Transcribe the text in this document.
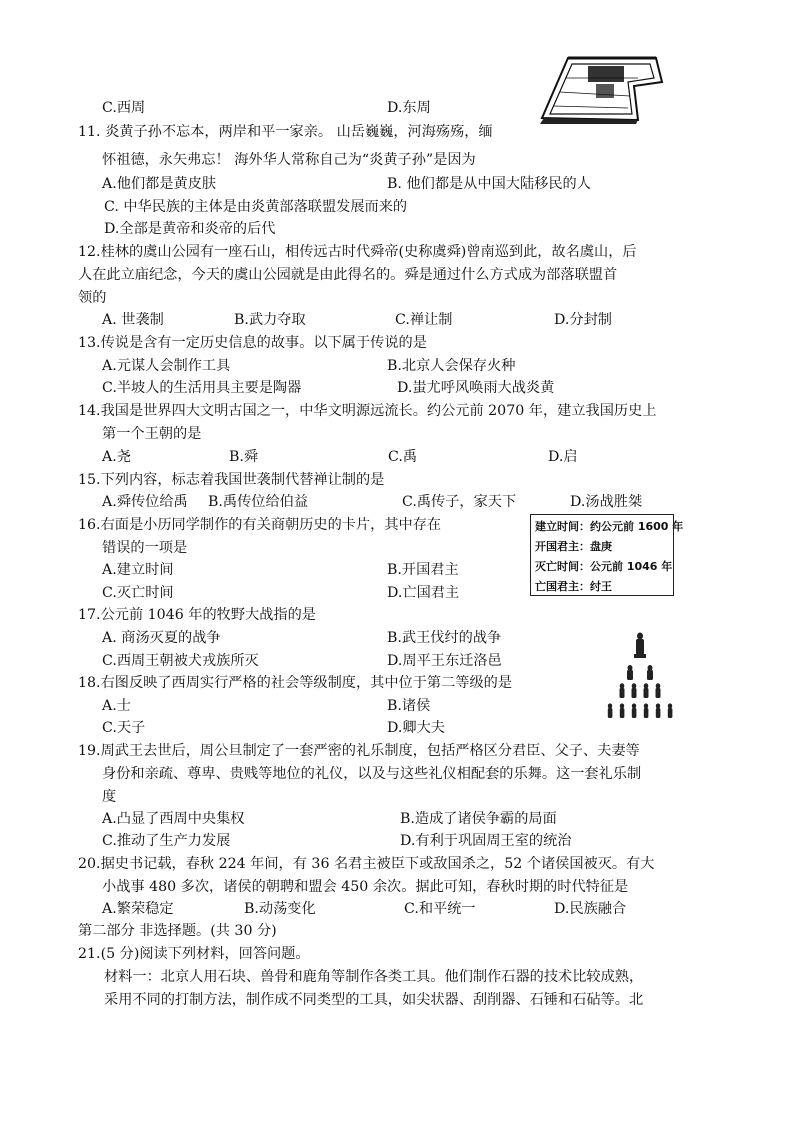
C.西周	D.东周
11. 炎黄子孙不忘本，两岸和平一家亲。 山岳巍巍，河海殇殇，缅
怀祖德，永矢弗忘！ 海外华人常称自己为“炎黄子孙”是因为
A.他们都是黄皮肤	B. 他们都是从中国大陆移民的人
C. 中华民族的主体是由炎黄部落联盟发展而来的
D.全部是黄帝和炎帝的后代
12.桂林的虞山公园有一座石山，相传远古时代舜帝(史称虞舜)曾南巡到此，故名虞山，后
人在此立庙纪念，今天的虞山公园就是由此得名的。舜是通过什么方式成为部落联盟首
领的
A. 世袭制	B.武力夺取	C.禅让制	D.分封制
13.传说是含有一定历史信息的故事。以下属于传说的是
A.元谋人会制作工具	B.北京人会保存火种
C.半坡人的生活用具主要是陶器	D.蚩尤呼风唤雨大战炎黄
14.我国是世界四大文明古国之一，中华文明源远流长。约公元前 2070 年，建立我国历史上
第一个王朝的是
A.尧	B.舜	C.禹	D.启
15.下列内容，标志着我国世袭制代替禅让制的是
A.舜传位给禹 B.禹传位给伯益	C.禹传子，家天下	D.汤战胜桀
16.右面是小历同学制作的有关商朝历史的卡片，其中存在
错误的一项是
A.建立时间	B.开国君主
C.灭亡时间	D.亡国君主
建立时间：约公元前 1600 年
开国君主：盘庚
灭亡时间：公元前 1046 年
亡国君主：纣王
17.公元前 1046 年的牧野大战指的是
A. 商汤灭夏的战争	B.武王伐纣的战争
C.西周王朝被犬戎族所灭	D.周平王东迁洛邑
18.右图反映了西周实行严格的社会等级制度，其中位于第二等级的是
A.士	B.诸侯
C.天子	D.卿大夫
19.周武王去世后，周公旦制定了一套严密的礼乐制度，包括严格区分君臣、父子、夫妻等
身份和亲疏、尊卑、贵贱等地位的礼仪，以及与这些礼仪相配套的乐舞。这一套礼乐制
度
A.凸显了西周中央集权	B.造成了诸侯争霸的局面
C.推动了生产力发展	D.有利于巩固周王室的统治
20.据史书记载，春秋 224 年间，有 36 名君主被臣下或敌国杀之，52 个诸侯国被灭。有大
小战事 480 多次，诸侯的朝聘和盟会 450 余次。据此可知，春秋时期的时代特征是
A.繁荣稳定	B.动荡变化	C.和平统一	D.民族融合
第二部分 非选择题。(共 30 分)
21.(5 分)阅读下列材料，回答问题。
材料一：北京人用石块、兽骨和鹿角等制作各类工具。他们制作石器的技术比较成熟，
采用不同的打制方法，制作成不同类型的工具，如尖状器、刮削器、石锤和石砧等。北
